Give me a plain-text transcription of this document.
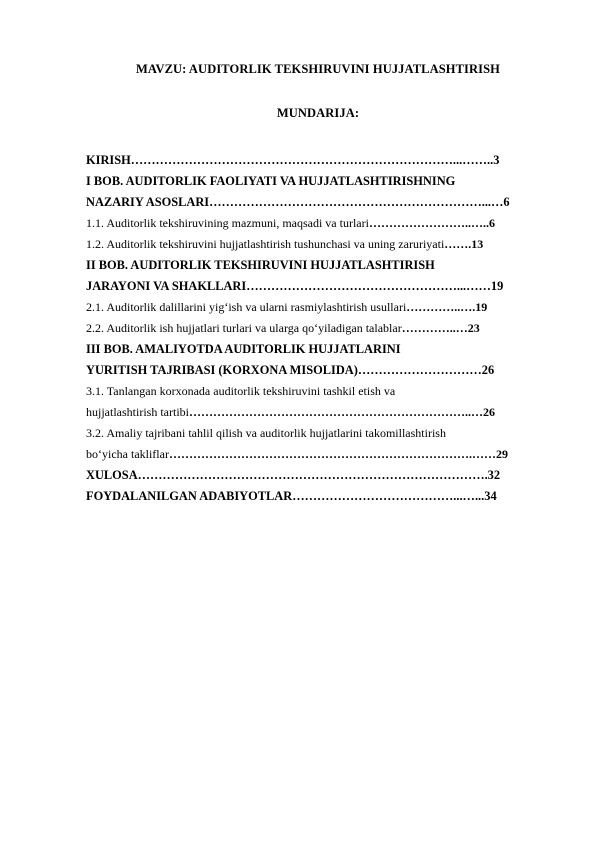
MAVZU: AUDITORLIK TEKSHIRUVINI HUJJATLASHTIRISH
MUNDARIJA:
KIRISH……………………………………………………………………...……..3
I BOB. AUDITORLIK FAOLIYATI VA HUJJATLASHTIRISHNING
NAZARIY ASOSLARI…………………………………………………………...…6
1.1. Auditorlik tekshiruvining mazmuni, maqsadi va turlari……………………..…..6
1.2. Auditorlik tekshiruvini hujjatlashtirish tushunchasi va uning zaruriyati…….13
II BOB. AUDITORLIK TEKSHIRUVINI HUJJATLASHTIRISH
JARAYONI VA SHAKLLARI……………………………………………...……19
2.1. Auditorlik dalillarini yig‘ish va ularni rasmiylashtirish usullari…………..….19
2.2. Auditorlik ish hujjatlari turlari va ularga qo‘yiladigan talablar…………..…23
III BOB. AMALIYOTDA AUDITORLIK HUJJATLARINI
YURITISH TAJRIBASI (KORXONA MISOLIDA)…………………………26
3.1. Tanlangan korxonada auditorlik tekshiruvini tashkil etish va
hujjatlashtirish tartibi……………………………………………………………..…26
3.2. Amaliy tajribani tahlil qilish va auditorlik hujjatlarini takomillashtirish
bo‘yicha takliflar………………………………………………………………….……29
XULOSA………………………………………………………………………….32
FOYDALANILGAN ADABIYOTLAR…………………………………...…...34
